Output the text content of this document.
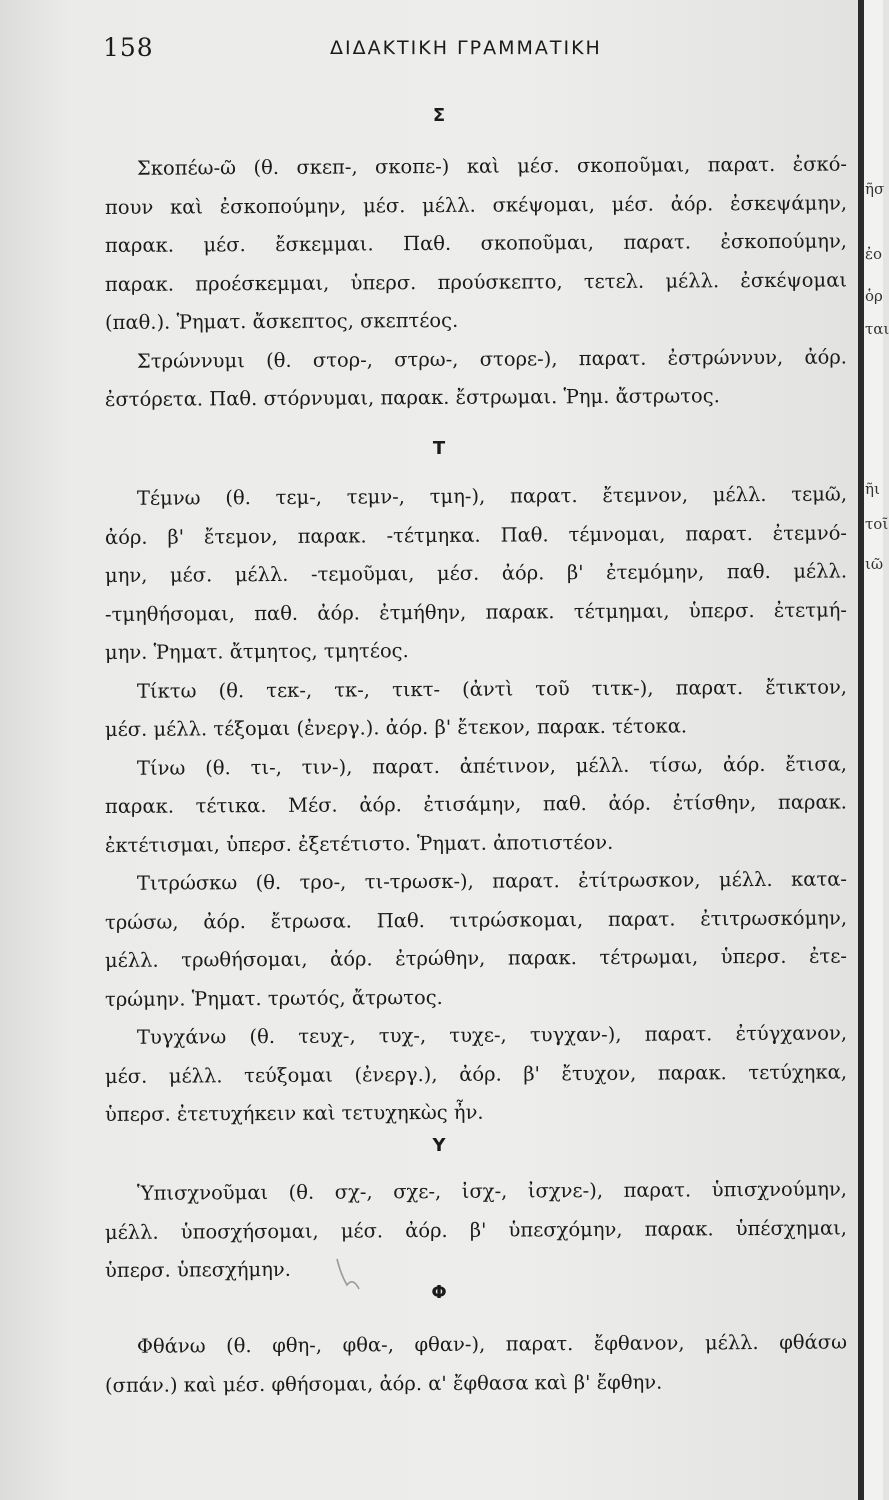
158	ΔΙΔΑΚΤΙΚΗ ΓΡΑΜΜΑΤΙΚΗ
Σ
Σκοπέω-ῶ (θ. σκεπ-, σκοπε-) καὶ μέσ. σκοποῦμαι, παρατ. ἐσκό-
πουν καὶ ἐσκοπούμην, μέσ. μέλλ. σκέψομαι, μέσ. ἀόρ. ἐσκεψάμην,
παρακ. μέσ. ἔσκεμμαι. Παθ. σκοποῦμαι, παρατ. ἐσκοπούμην,
παρακ. προέσκεμμαι, ὑπερσ. προύσκεπτο, τετελ. μέλλ. ἐσκέψομαι
(παθ.). Ῥηματ. ἄσκεπτος, σκεπτέος.
Στρώννυμι (θ. στορ-, στρω-, στορε-), παρατ. ἐστρώννυν, ἀόρ.
ἐστόρετα. Παθ. στόρνυμαι, παρακ. ἔστρωμαι. Ῥημ. ἄστρωτος.
Τ
Τέμνω (θ. τεμ-, τεμν-, τμη-), παρατ. ἔτεμνον, μέλλ. τεμῶ,
ἀόρ. β' ἔτεμον, παρακ. -τέτμηκα. Παθ. τέμνομαι, παρατ. ἐτεμνό-
μην, μέσ. μέλλ. -τεμοῦμαι, μέσ. ἀόρ. β' ἐτεμόμην, παθ. μέλλ.
-τμηθήσομαι, παθ. ἀόρ. ἐτμήθην, παρακ. τέτμημαι, ὑπερσ. ἐτετμή-
μην. Ῥηματ. ἄτμητος, τμητέος.
Τίκτω (θ. τεκ-, τκ-, τικτ- (ἀντὶ τοῦ τιτκ-), παρατ. ἔτικτον,
μέσ. μέλλ. τέξομαι (ἐνεργ.). ἀόρ. β' ἔτεκον, παρακ. τέτοκα.
Τίνω (θ. τι-, τιν-), παρατ. ἀπέτινον, μέλλ. τίσω, ἀόρ. ἔτισα,
παρακ. τέτικα. Μέσ. ἀόρ. ἐτισάμην, παθ. ἀόρ. ἐτίσθην, παρακ.
ἐκτέτισμαι, ὑπερσ. ἐξετέτιστο. Ῥηματ. ἀποτιστέον.
Τιτρώσκω (θ. τρο-, τι-τρωσκ-), παρατ. ἐτίτρωσκον, μέλλ. κατα-
τρώσω, ἀόρ. ἔτρωσα. Παθ. τιτρώσκομαι, παρατ. ἐτιτρωσκόμην,
μέλλ. τρωθήσομαι, ἀόρ. ἐτρώθην, παρακ. τέτρωμαι, ὑπερσ. ἐτε-
τρώμην. Ῥηματ. τρωτός, ἄτρωτος.
Τυγχάνω (θ. τευχ-, τυχ-, τυχε-, τυγχαν-), παρατ. ἐτύγχανον,
μέσ. μέλλ. τεύξομαι (ἐνεργ.), ἀόρ. β' ἔτυχον, παρακ. τετύχηκα,
ὑπερσ. ἐτετυχήκειν καὶ τετυχηκὼς ἦν.
Υ
Ὑπισχνοῦμαι (θ. σχ-, σχε-, ἰσχ-, ἰσχνε-), παρατ. ὑπισχνούμην,
μέλλ. ὑποσχήσομαι, μέσ. ἀόρ. β' ὑπεσχόμην, παρακ. ὑπέσχημαι,
ὑπερσ. ὑπεσχήμην.
Φ
Φθάνω (θ. φθη-, φθα-, φθαν-), παρατ. ἔφθανον, μέλλ. φθάσω
(σπάν.) καὶ μέσ. φθήσομαι, ἀόρ. α' ἔφθασα καὶ β' ἔφθην.
ῆσ
ἐο
ὁρ
ται
ῆι
τοῖ
ιῶ
